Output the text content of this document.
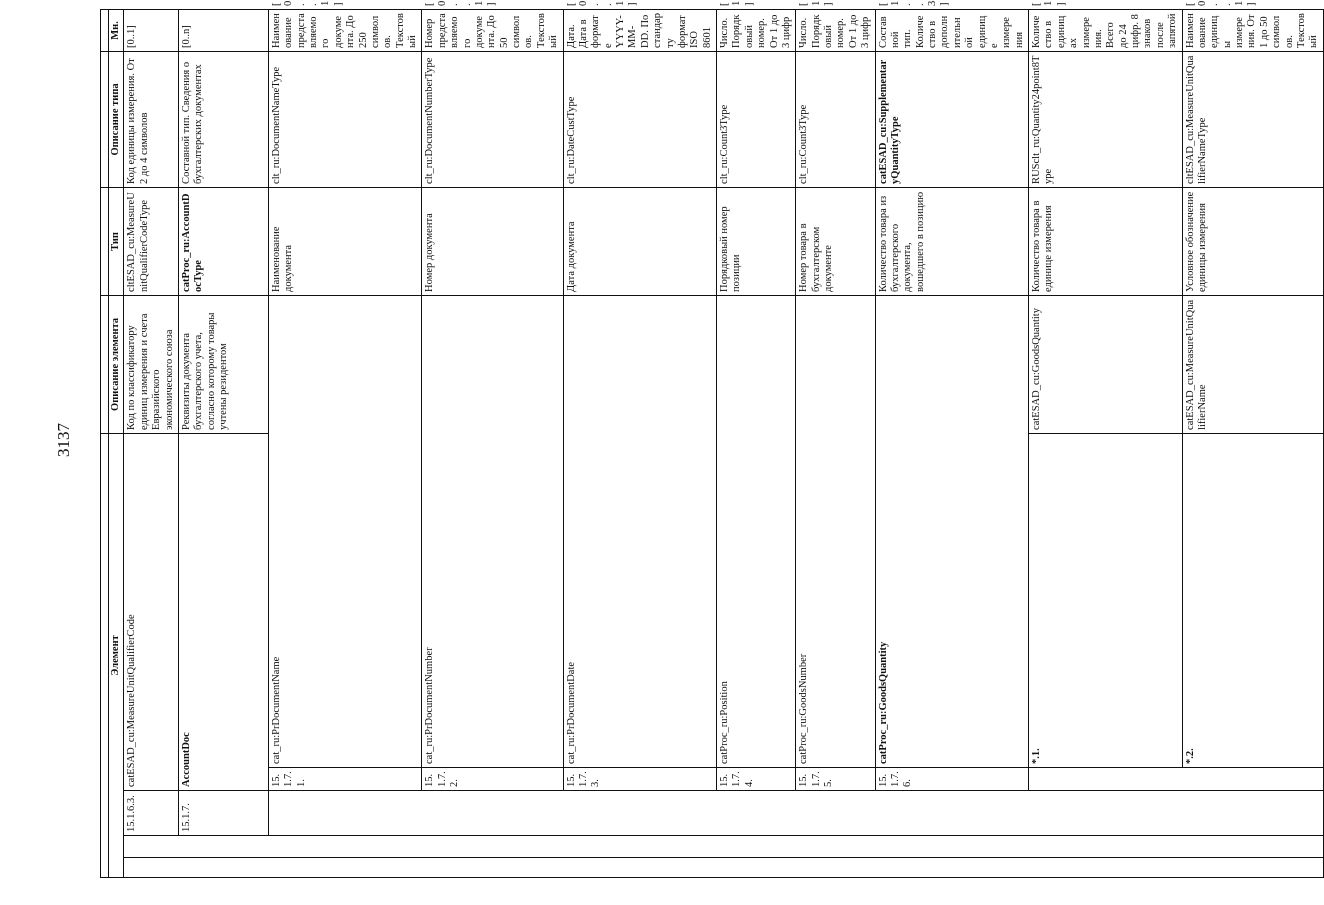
3137

Элемент					Описание элемента	Тип	Описание типа	Мн.	
		15.1.6.3.	catESAD_cu:MeasureUnitQualifierCode		Код по классификатору единиц измерения и счета Евразийского экономического союза	cltESAD_cu:MeasureUnitQualifierCodeType	Код единицы измерения. От 2 до 4 символов	[0..1]	
		15.1.7.	AccountDoc		Реквизиты документа бухгалтерского учета, согласно которому товары учтены резидентом	catProc_ru:AccountDocType	Составной тип. Сведения о бухгалтерских документах	[0..n]	
			15.1.7.1.	cat_ru:PrDocumentName		Наименование документа	clt_ru:DocumentNameType	Наименование представляемого документа. До 250 символов. Текстовый	[0..1]
			15.1.7.2.	cat_ru:PrDocumentNumber		Номер документа	clt_ru:DocumentNumberType	Номер представляемого документа. До 50 символов. Текстовый	[0..1]
			15.1.7.3.	cat_ru:PrDocumentDate		Дата документа	clt_ru:DateCustType	Дата. Дата в формате YYYY-MM-DD. По стандарту формат ISO 8601	[0..1]
			15.1.7.4.	catProc_ru:Position		Порядковый номер позиции	clt_ru:Count3Type	Число. Порядковый номер. От 1 до 3 цифр	[1]
			15.1.7.5.	catProc_ru:GoodsNumber		Номер товара в бухгалтерском документе	clt_ru:Count3Type	Число. Порядковый номер. От 1 до 3 цифр	[1]
			15.1.7.6.	catProc_ru:GoodsQuantity		Количество товара из бухгалтерского документа, вошедшего в позицию	catESAD_cu:SupplementaryQuantityType	Составной тип. Количество в дополнительной единице измерения	[1..3]
				*.1.	catESAD_cu:GoodsQuantity	Количество товара в единице измерения	RUSclt_ru:Quantity24point8Type	Количество в единицах измерения. Всего до 24 цифр. 8 знаков после запятой	[1]
				*.2.	catESAD_cu:MeasureUnitQualifierName	Условное обозначение единицы измерения	cltESAD_cu:MeasureUnitQualifierNameType	Наименование единицы измерения. От 1 до 50 символов. Текстовый	[0..1]
